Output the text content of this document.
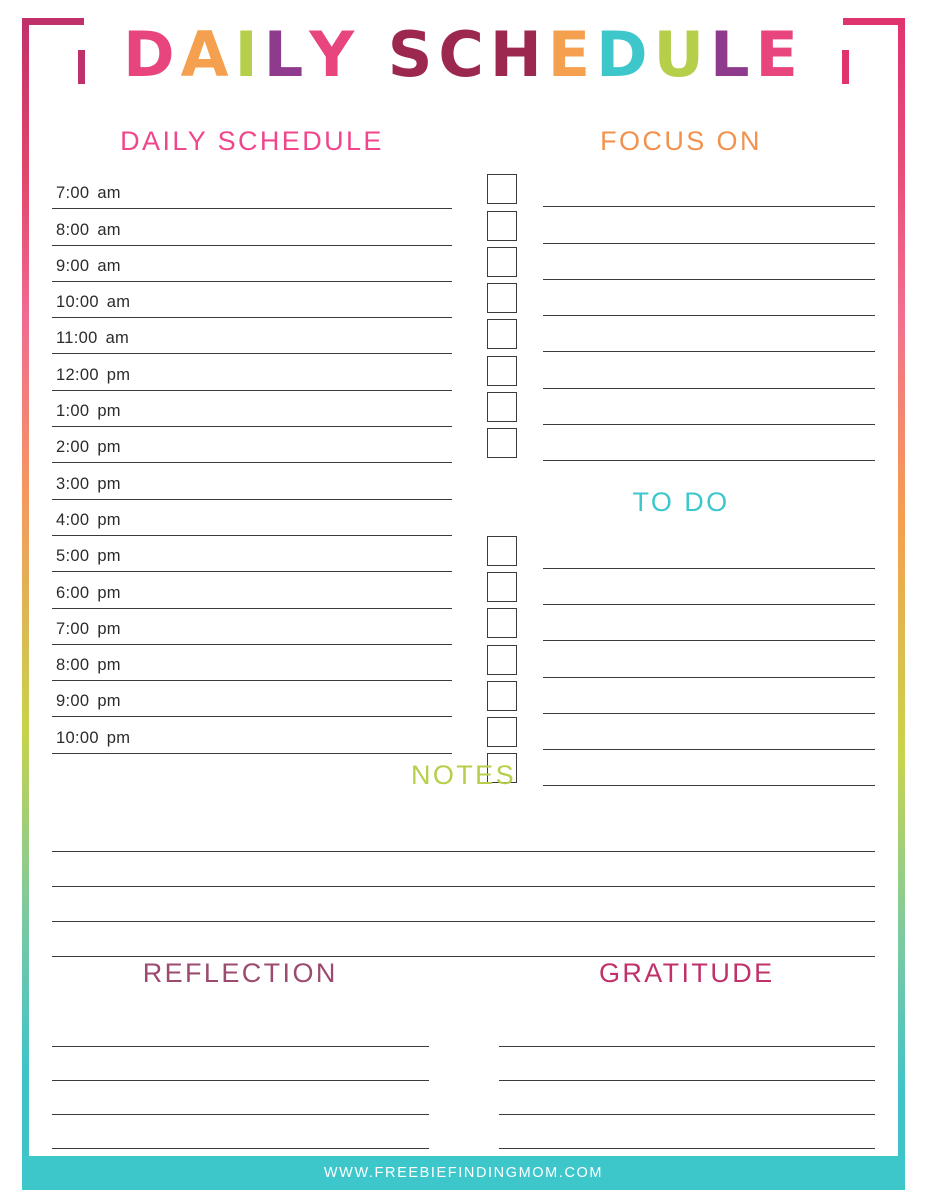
DAILY SCHEDULE
DAILY SCHEDULE
7:00 am
8:00 am
9:00 am
10:00 am
11:00 am
12:00 pm
1:00 pm
2:00 pm
3:00 pm
4:00 pm
5:00 pm
6:00 pm
7:00 pm
8:00 pm
9:00 pm
10:00 pm
FOCUS ON
TO DO
NOTES
REFLECTION	GRATITUDE
WWW.FREEBIEFINDINGMOM.COM
